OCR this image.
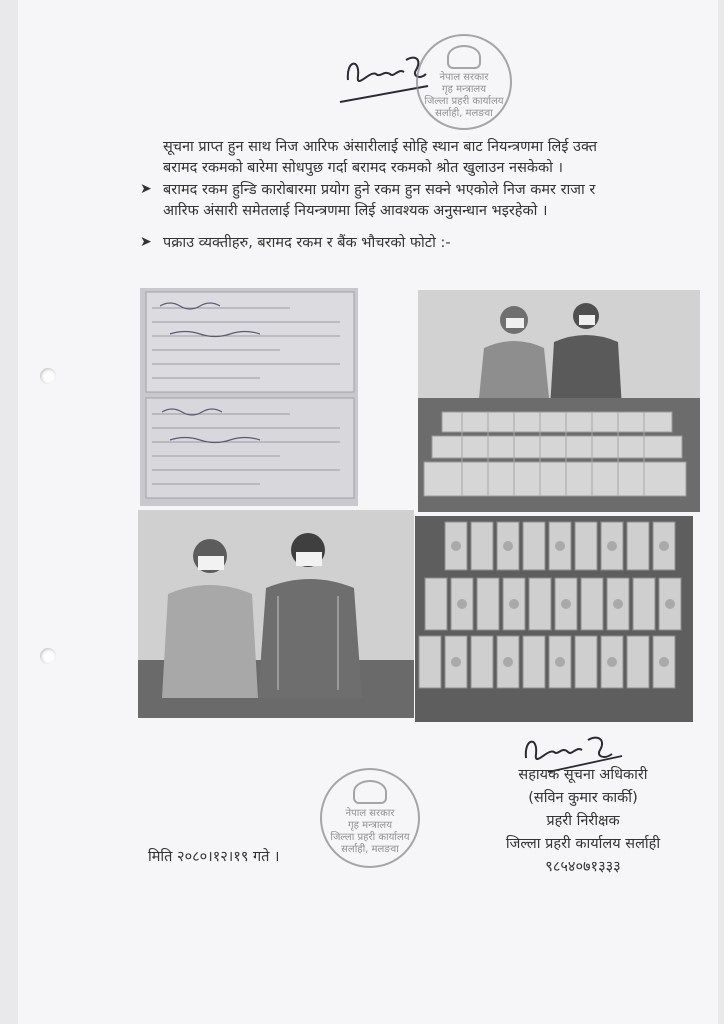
नेपाल सरकार
गृह मन्त्रालय
जिल्ला प्रहरी कार्यालय
सर्लाही, मलङवा
सूचना प्राप्त हुन साथ निज आरिफ अंसारीलाई सोहि स्थान बाट नियन्त्रणमा लिई उक्त
बरामद रकमको बारेमा सोधपुछ गर्दा बरामद रकमको श्रोत खुलाउन नसकेको ।
➤ बरामद रकम हुन्डि कारोबारमा प्रयोग हुने रकम हुन सक्ने भएकोले निज कमर राजा र
आरिफ अंसारी समेतलाई नियन्त्रणमा लिई आवश्यक अनुसन्धान भइरहेको ।
➤ पक्राउ व्यक्तीहरु, बरामद रकम र बैंक भौचरको फोटो :-
नेपाल सरकार
गृह मन्त्रालय
जिल्ला प्रहरी कार्यालय
सर्लाही, मलङवा
सहायक सूचना अधिकारी
(सविन कुमार कार्की)
प्रहरी निरीक्षक
जिल्ला प्रहरी कार्यालय सर्लाही
९८५४०७१३३३
मिति २०८०।१२।१९ गते ।
